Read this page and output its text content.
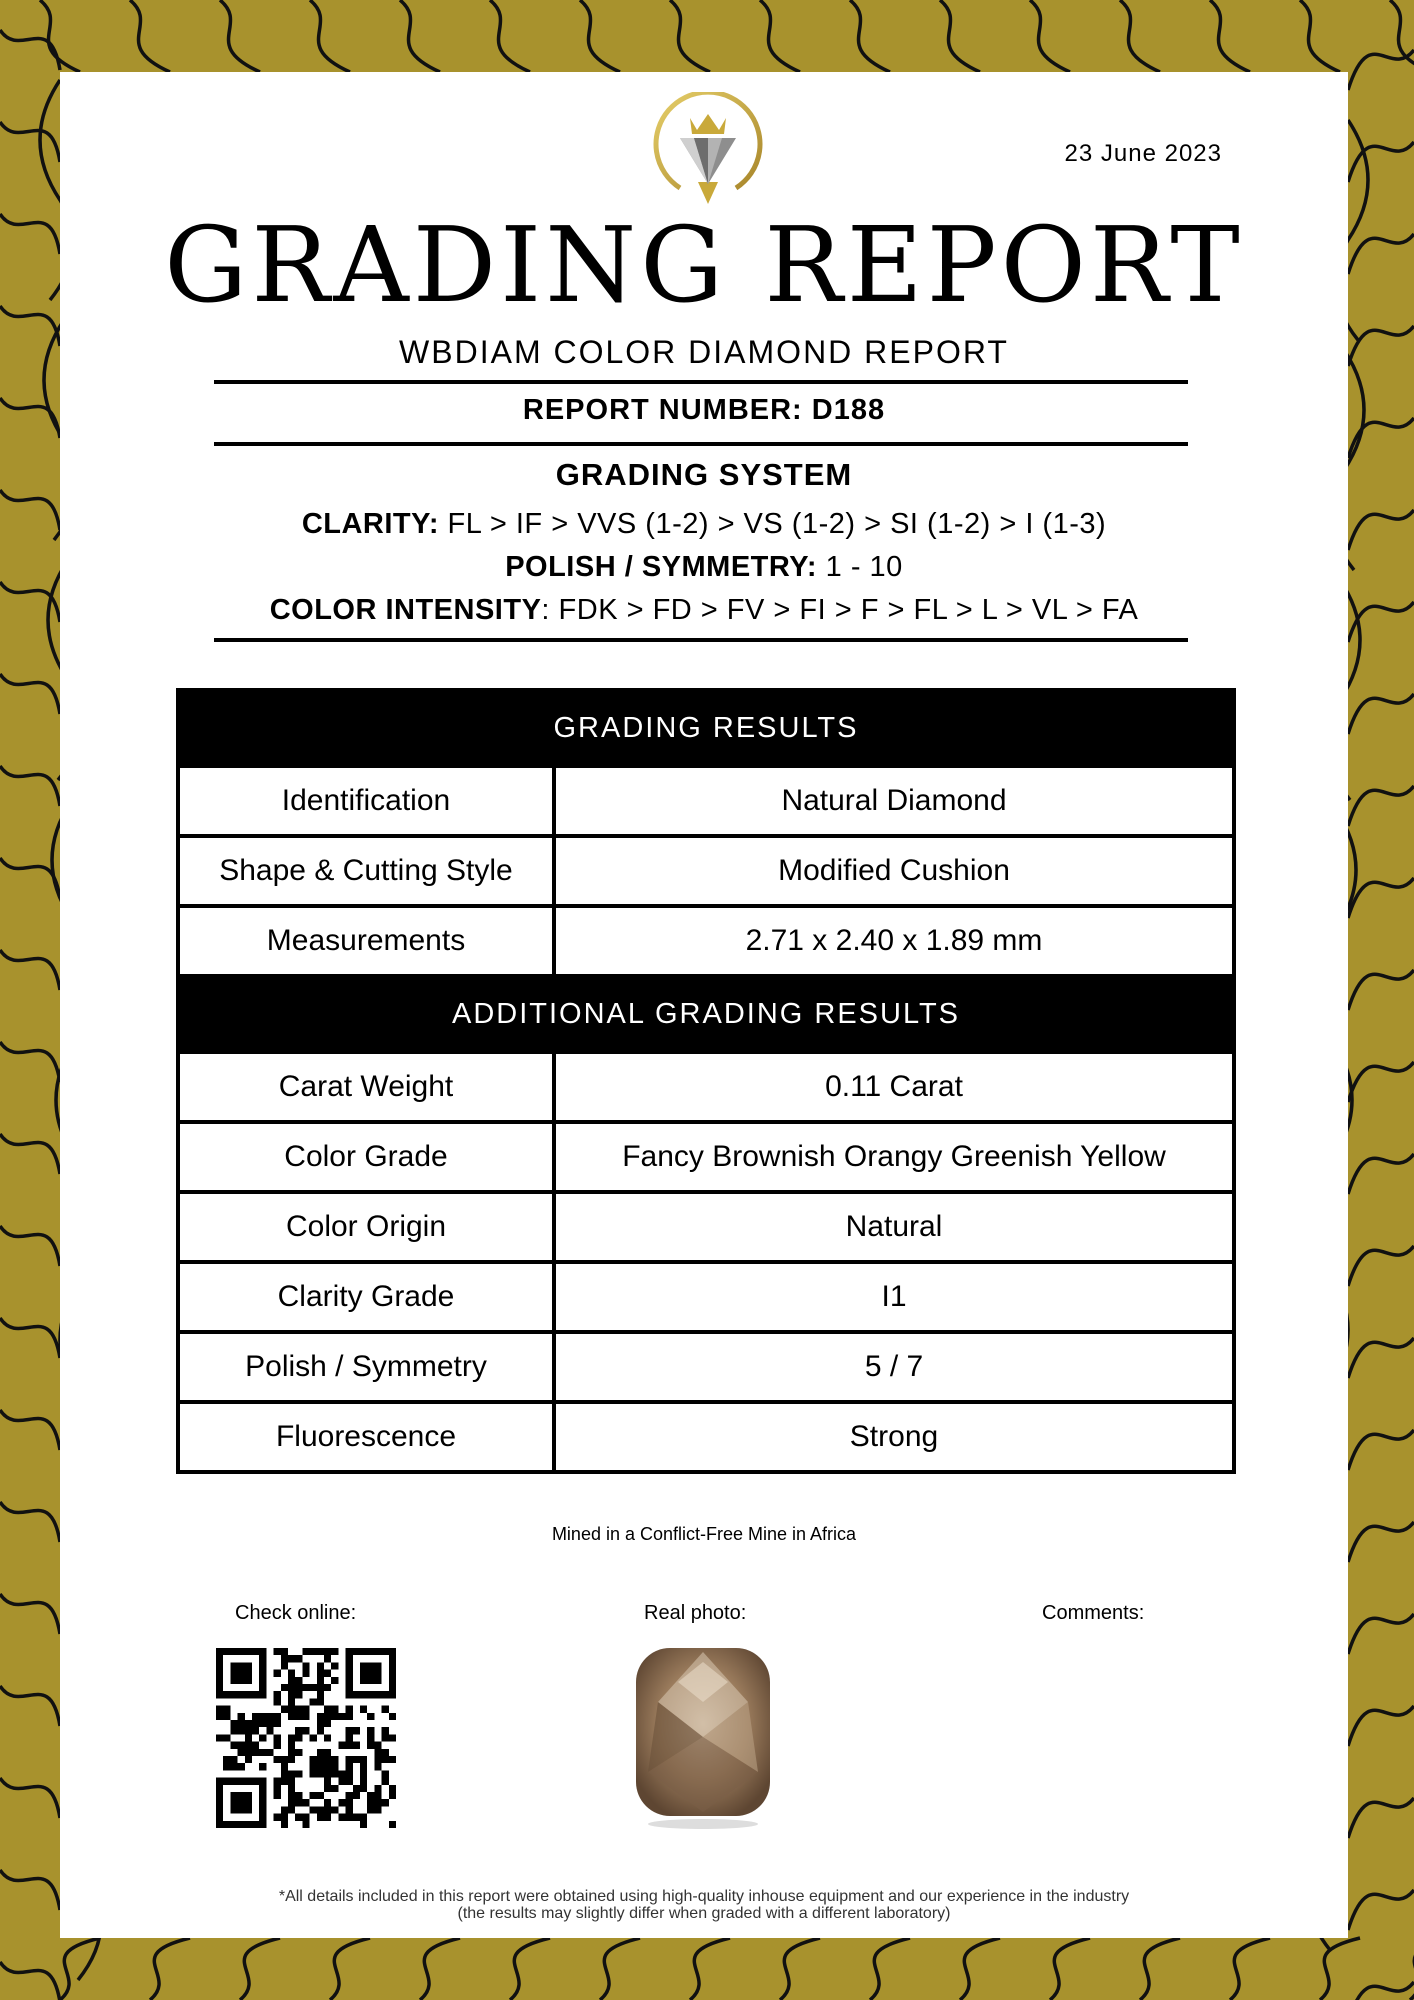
23 June 2023
GRADING REPORT
WBDIAM COLOR DIAMOND REPORT
REPORT NUMBER: D188
GRADING SYSTEM
CLARITY: FL > IF > VVS (1-2) > VS (1-2) > SI (1-2) > I (1-3)
POLISH / SYMMETRY: 1 - 10
COLOR INTENSITY: FDK > FD > FV > FI > F > FL > L > VL > FA
GRADING RESULTS	
Identification	Natural Diamond
Shape & Cutting Style	Modified Cushion
Measurements	2.71 x 2.40 x 1.89 mm
ADDITIONAL GRADING RESULTS	
Carat Weight	0.11 Carat
Color Grade	Fancy Brownish Orangy Greenish Yellow
Color Origin	Natural
Clarity Grade	I1
Polish / Symmetry	5 / 7
Fluorescence	Strong
Mined in a Conflict-Free Mine in Africa
Check online:	Real photo:	Comments:
*All details included in this report were obtained using high-quality inhouse equipment and our experience in the industry
(the results may slightly differ when graded with a different laboratory)
